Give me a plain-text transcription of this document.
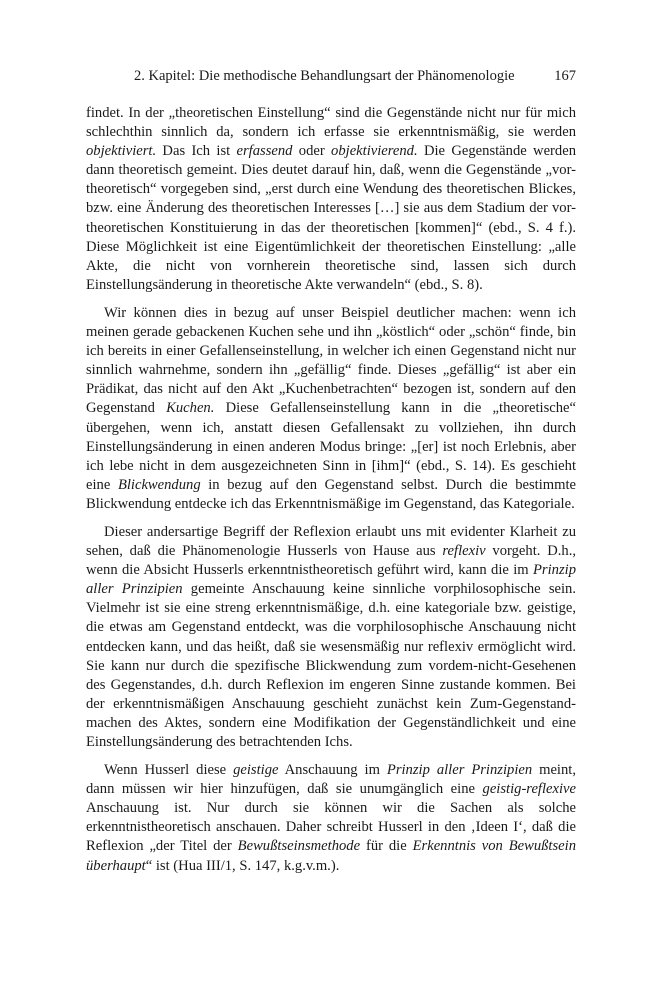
2. Kapitel: Die methodische Behandlungsart der Phänomenologie	167

findet. In der „theoretischen Einstellung“ sind die Gegenstände nicht nur für mich schlechthin sinnlich da, sondern ich erfasse sie erkenntnismäßig, sie werden objektiviert. Das Ich ist erfassend oder objektivierend. Die Gegenstände werden dann theoretisch gemeint. Dies deutet darauf hin, daß, wenn die Gegenstände „vor-theoretisch“ vorgegeben sind, „erst durch eine Wendung des theoretischen Blickes, bzw. eine Änderung des theoretischen Interesses […] sie aus dem Stadium der vor-theoretischen Konstituierung in das der theoretischen [kommen]“ (ebd., S. 4 f.). Diese Möglichkeit ist eine Eigentümlichkeit der theoretischen Einstellung: „alle Akte, die nicht von vornherein theoretische sind, lassen sich durch Einstellungsänderung in theoretische Akte verwandeln“ (ebd., S. 8).

Wir können dies in bezug auf unser Beispiel deutlicher machen: wenn ich meinen gerade gebackenen Kuchen sehe und ihn „köstlich“ oder „schön“ finde, bin ich bereits in einer Gefallenseinstellung, in welcher ich einen Gegenstand nicht nur sinnlich wahrnehme, sondern ihn „gefällig“ finde. Dieses „gefällig“ ist aber ein Prädikat, das nicht auf den Akt „Kuchenbetrachten“ bezogen ist, sondern auf den Gegenstand Kuchen. Diese Gefallenseinstellung kann in die „theoretische“ übergehen, wenn ich, anstatt diesen Gefallensakt zu vollziehen, ihn durch Einstellungsänderung in einen anderen Modus bringe: „[er] ist noch Erlebnis, aber ich lebe nicht in dem ausgezeichneten Sinn in [ihm]“ (ebd., S. 14). Es geschieht eine Blickwendung in bezug auf den Gegenstand selbst. Durch die bestimmte Blickwendung entdecke ich das Erkenntnismäßige im Gegenstand, das Kategoriale.

Dieser andersartige Begriff der Reflexion erlaubt uns mit evidenter Klarheit zu sehen, daß die Phänomenologie Husserls von Hause aus reflexiv vorgeht. D.h., wenn die Absicht Husserls erkenntnistheoretisch geführt wird, kann die im Prinzip aller Prinzipien gemeinte Anschauung keine sinnliche vorphilosophische sein. Vielmehr ist sie eine streng erkenntnismäßige, d.h. eine kategoriale bzw. geistige, die etwas am Gegenstand entdeckt, was die vorphilosophische Anschauung nicht entdecken kann, und das heißt, daß sie wesensmäßig nur reflexiv ermöglicht wird. Sie kann nur durch die spezifische Blickwendung zum vordem-nicht-Gesehenen des Gegenstandes, d.h. durch Reflexion im engeren Sinne zustande kommen. Bei der erkenntnismäßigen Anschauung geschieht zunächst kein Zum-Gegenstand-machen des Aktes, sondern eine Modifikation der Gegenständlichkeit und eine Einstellungsänderung des betrachtenden Ichs.

Wenn Husserl diese geistige Anschauung im Prinzip aller Prinzipien meint, dann müssen wir hier hinzufügen, daß sie unumgänglich eine geistig-reflexive Anschauung ist. Nur durch sie können wir die Sachen als solche erkenntnistheoretisch anschauen. Daher schreibt Husserl in den ‚Ideen I‘, daß die Reflexion „der Titel der Bewußtseinsmethode für die Erkenntnis von Bewußtsein überhaupt“ ist (Hua III/1, S. 147, k.g.v.m.).
